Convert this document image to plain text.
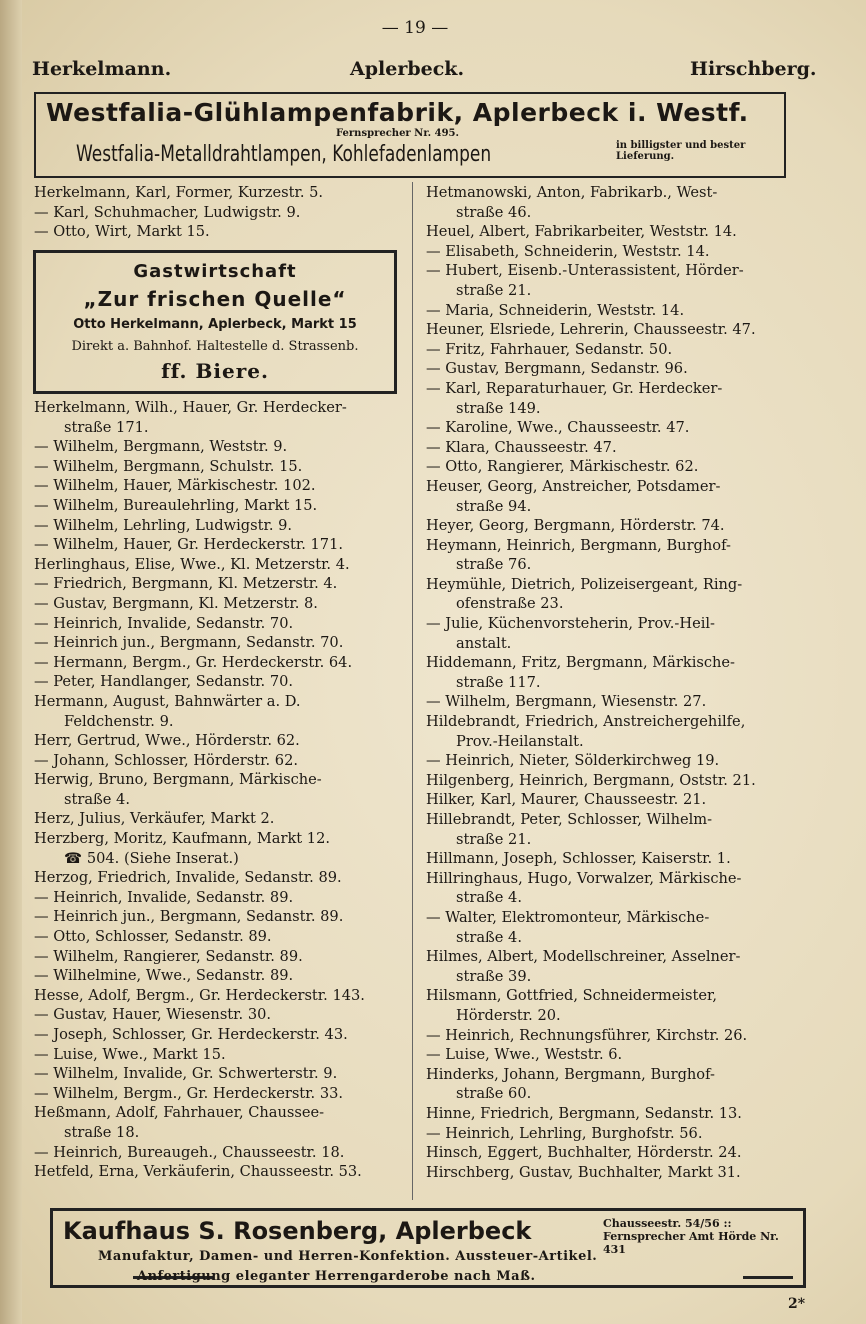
— 19 —
Herkelmann.	Aplerbeck.	Hirschberg.
Westfalia-Glühlampenfabrik, Aplerbeck i. Westf.
Fernsprecher Nr. 495.
Westfalia-Metalldrahtlampen, Kohlefadenlampen	in billigster und bester Lieferung.
Herkelmann, Karl, Former, Kurzestr. 5.
— Karl, Schuhmacher, Ludwigstr. 9.
— Otto, Wirt, Markt 15.
Gastwirtschaft
„Zur frischen Quelle“
Otto Herkelmann, Aplerbeck, Markt 15
Direkt a. Bahnhof. Haltestelle d. Strassenb.
ff. Biere.
Herkelmann, Wilh., Hauer, Gr. Herdecker-
straße 171.
— Wilhelm, Bergmann, Weststr. 9.
— Wilhelm, Bergmann, Schulstr. 15.
— Wilhelm, Hauer, Märkischestr. 102.
— Wilhelm, Bureaulehrling, Markt 15.
— Wilhelm, Lehrling, Ludwigstr. 9.
— Wilhelm, Hauer, Gr. Herdeckerstr. 171.
Herlinghaus, Elise, Wwe., Kl. Metzerstr. 4.
— Friedrich, Bergmann, Kl. Metzerstr. 4.
— Gustav, Bergmann, Kl. Metzerstr. 8.
— Heinrich, Invalide, Sedanstr. 70.
— Heinrich jun., Bergmann, Sedanstr. 70.
— Hermann, Bergm., Gr. Herdeckerstr. 64.
— Peter, Handlanger, Sedanstr. 70.
Hermann, August, Bahnwärter a. D.
Feldchenstr. 9.
Herr, Gertrud, Wwe., Hörderstr. 62.
— Johann, Schlosser, Hörderstr. 62.
Herwig, Bruno, Bergmann, Märkische-
straße 4.
Herz, Julius, Verkäufer, Markt 2.
Herzberg, Moritz, Kaufmann, Markt 12.
☎ 504. (Siehe Inserat.)
Herzog, Friedrich, Invalide, Sedanstr. 89.
— Heinrich, Invalide, Sedanstr. 89.
— Heinrich jun., Bergmann, Sedanstr. 89.
— Otto, Schlosser, Sedanstr. 89.
— Wilhelm, Rangierer, Sedanstr. 89.
— Wilhelmine, Wwe., Sedanstr. 89.
Hesse, Adolf, Bergm., Gr. Herdeckerstr. 143.
— Gustav, Hauer, Wiesenstr. 30.
— Joseph, Schlosser, Gr. Herdeckerstr. 43.
— Luise, Wwe., Markt 15.
— Wilhelm, Invalide, Gr. Schwerterstr. 9.
— Wilhelm, Bergm., Gr. Herdeckerstr. 33.
Heßmann, Adolf, Fahrhauer, Chaussee-
straße 18.
— Heinrich, Bureaugeh., Chausseestr. 18.
Hetfeld, Erna, Verkäuferin, Chausseestr. 53.
Hetmanowski, Anton, Fabrikarb., West-
straße 46.
Heuel, Albert, Fabrikarbeiter, Weststr. 14.
— Elisabeth, Schneiderin, Weststr. 14.
— Hubert, Eisenb.-Unterassistent, Hörder-
straße 21.
— Maria, Schneiderin, Weststr. 14.
Heuner, Elsriede, Lehrerin, Chausseestr. 47.
— Fritz, Fahrhauer, Sedanstr. 50.
— Gustav, Bergmann, Sedanstr. 96.
— Karl, Reparaturhauer, Gr. Herdecker-
straße 149.
— Karoline, Wwe., Chausseestr. 47.
— Klara, Chausseestr. 47.
— Otto, Rangierer, Märkischestr. 62.
Heuser, Georg, Anstreicher, Potsdamer-
straße 94.
Heyer, Georg, Bergmann, Hörderstr. 74.
Heymann, Heinrich, Bergmann, Burghof-
straße 76.
Heymühle, Dietrich, Polizeisergeant, Ring-
ofenstraße 23.
— Julie, Küchenvorsteherin, Prov.-Heil-
anstalt.
Hiddemann, Fritz, Bergmann, Märkische-
straße 117.
— Wilhelm, Bergmann, Wiesenstr. 27.
Hildebrandt, Friedrich, Anstreichergehilfe,
Prov.-Heilanstalt.
— Heinrich, Nieter, Sölderkirchweg 19.
Hilgenberg, Heinrich, Bergmann, Oststr. 21.
Hilker, Karl, Maurer, Chausseestr. 21.
Hillebrandt, Peter, Schlosser, Wilhelm-
straße 21.
Hillmann, Joseph, Schlosser, Kaiserstr. 1.
Hillringhaus, Hugo, Vorwalzer, Märkische-
straße 4.
— Walter, Elektromonteur, Märkische-
straße 4.
Hilmes, Albert, Modellschreiner, Asselner-
straße 39.
Hilsmann, Gottfried, Schneidermeister,
Hörderstr. 20.
— Heinrich, Rechnungsführer, Kirchstr. 26.
— Luise, Wwe., Weststr. 6.
Hinderks, Johann, Bergmann, Burghof-
straße 60.
Hinne, Friedrich, Bergmann, Sedanstr. 13.
— Heinrich, Lehrling, Burghofstr. 56.
Hinsch, Eggert, Buchhalter, Hörderstr. 24.
Hirschberg, Gustav, Buchhalter, Markt 31.
Kaufhaus S. Rosenberg, Aplerbeck	Chausseestr. 54/56 :: Fernsprecher Amt Hörde Nr. 431
Manufaktur, Damen- und Herren-Konfektion. Aussteuer-Artikel.
Anfertigung eleganter Herrengarderobe nach Maß.
2*
